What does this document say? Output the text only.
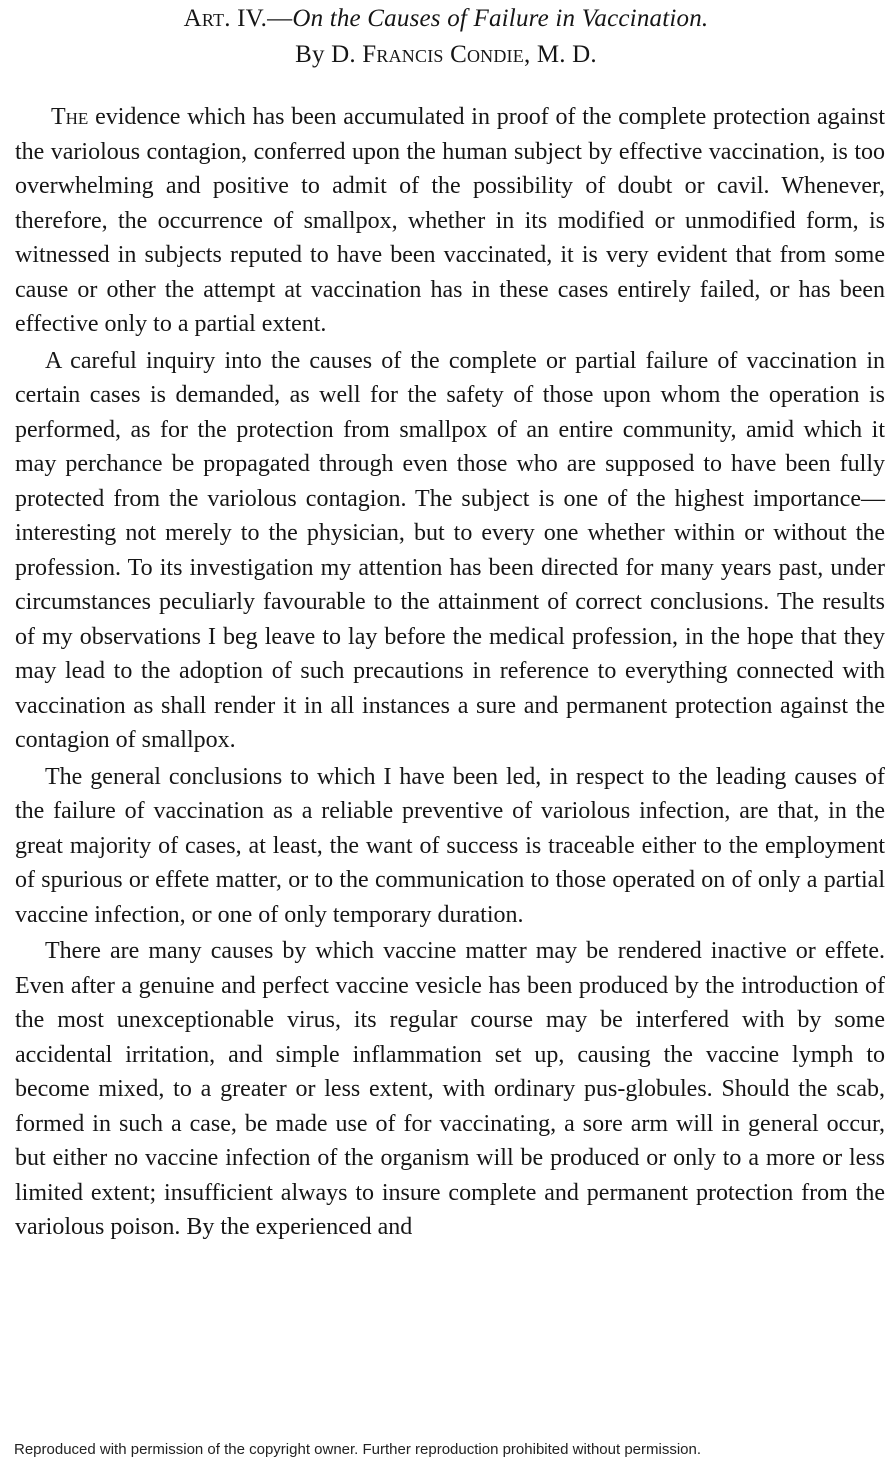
Art. IV.—On the Causes of Failure in Vaccination.
By D. Francis Condie, M. D.

The evidence which has been accumulated in proof of the complete protection against the variolous contagion, conferred upon the human subject by effective vaccination, is too overwhelming and positive to admit of the possibility of doubt or cavil. Whenever, therefore, the occurrence of smallpox, whether in its modified or unmodified form, is witnessed in subjects reputed to have been vaccinated, it is very evident that from some cause or other the attempt at vaccination has in these cases entirely failed, or has been effective only to a partial extent.

A careful inquiry into the causes of the complete or partial failure of vaccination in certain cases is demanded, as well for the safety of those upon whom the operation is performed, as for the protection from smallpox of an entire community, amid which it may perchance be propagated through even those who are supposed to have been fully protected from the variolous contagion. The subject is one of the highest importance—interesting not merely to the physician, but to every one whether within or without the profession. To its investigation my attention has been directed for many years past, under circumstances peculiarly favourable to the attainment of correct conclusions. The results of my observations I beg leave to lay before the medical profession, in the hope that they may lead to the adoption of such precautions in reference to everything connected with vaccination as shall render it in all instances a sure and permanent protection against the contagion of smallpox.

The general conclusions to which I have been led, in respect to the leading causes of the failure of vaccination as a reliable preventive of variolous infection, are that, in the great majority of cases, at least, the want of success is traceable either to the employment of spurious or effete matter, or to the communication to those operated on of only a partial vaccine infection, or one of only temporary duration.

There are many causes by which vaccine matter may be rendered inactive or effete. Even after a genuine and perfect vaccine vesicle has been produced by the introduction of the most unexceptionable virus, its regular course may be interfered with by some accidental irritation, and simple inflammation set up, causing the vaccine lymph to become mixed, to a greater or less extent, with ordinary pus-globules. Should the scab, formed in such a case, be made use of for vaccinating, a sore arm will in general occur, but either no vaccine infection of the organism will be produced or only to a more or less limited extent; insufficient always to insure complete and permanent protection from the variolous poison. By the experienced and

Reproduced with permission of the copyright owner. Further reproduction prohibited without permission.
